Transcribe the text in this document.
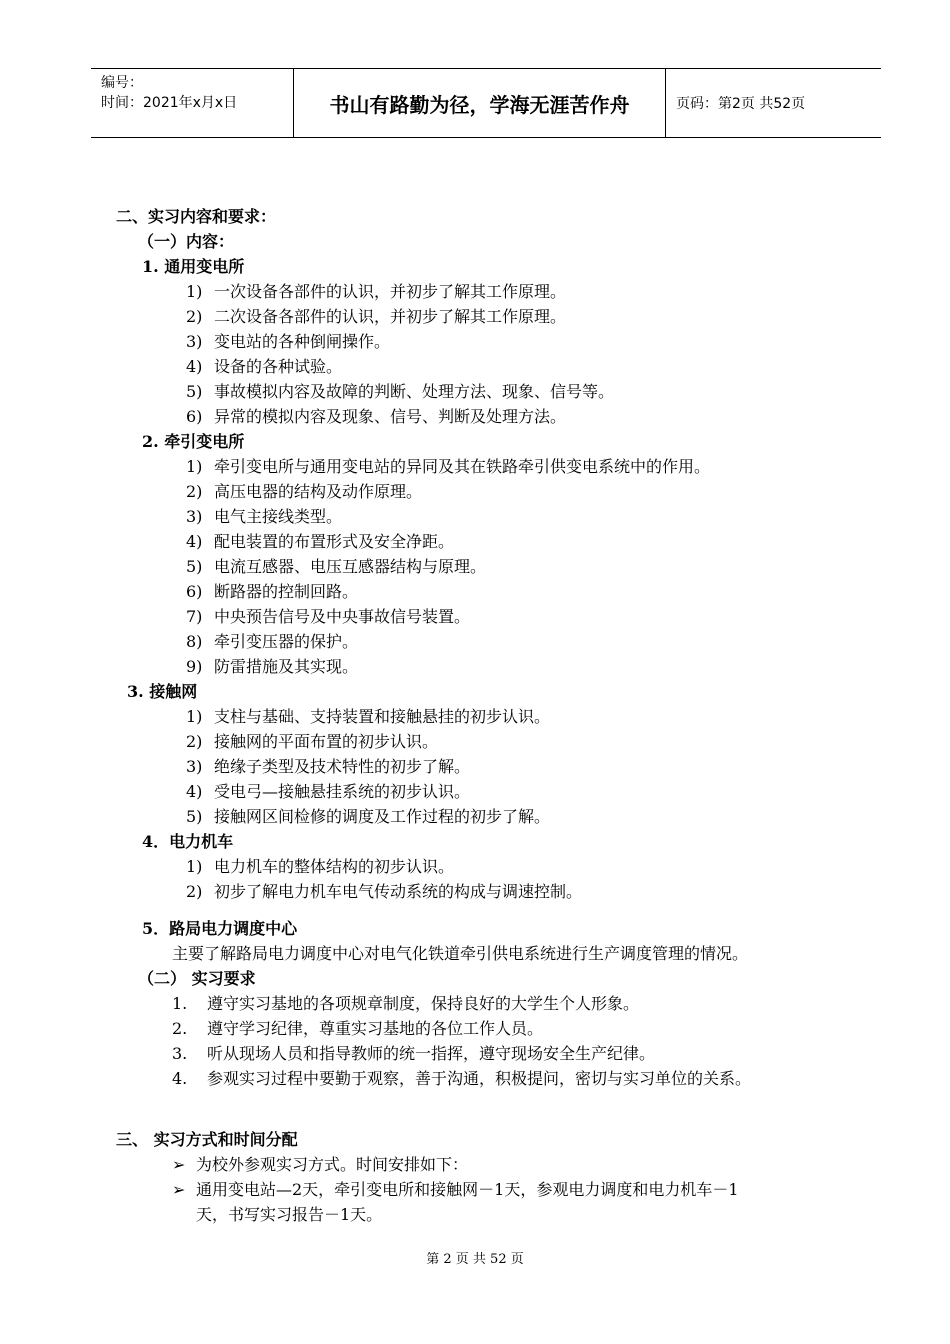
编号：
时间：2021年x月x日	书山有路勤为径，学海无涯苦作舟	页码：第2页 共52页
二、实习内容和要求：
（一）内容：
1. 通用变电所
1) 一次设备各部件的认识，并初步了解其工作原理。
2) 二次设备各部件的认识，并初步了解其工作原理。
3) 变电站的各种倒闸操作。
4) 设备的各种试验。
5) 事故模拟内容及故障的判断、处理方法、现象、信号等。
6) 异常的模拟内容及现象、信号、判断及处理方法。
2. 牵引变电所
1) 牵引变电所与通用变电站的异同及其在铁路牵引供变电系统中的作用。
2) 高压电器的结构及动作原理。
3) 电气主接线类型。
4) 配电装置的布置形式及安全净距。
5) 电流互感器、电压互感器结构与原理。
6) 断路器的控制回路。
7) 中央预告信号及中央事故信号装置。
8) 牵引变压器的保护。
9) 防雷措施及其实现。
3. 接触网
1) 支柱与基础、支持装置和接触悬挂的初步认识。
2) 接触网的平面布置的初步认识。
3) 绝缘子类型及技术特性的初步了解。
4) 受电弓—接触悬挂系统的初步认识。
5) 接触网区间检修的调度及工作过程的初步了解。
4．电力机车
1) 电力机车的整体结构的初步认识。
2) 初步了解电力机车电气传动系统的构成与调速控制。
5．路局电力调度中心
主要了解路局电力调度中心对电气化铁道牵引供电系统进行生产调度管理的情况。
（二） 实习要求
1. 遵守实习基地的各项规章制度，保持良好的大学生个人形象。
2. 遵守学习纪律，尊重实习基地的各位工作人员。
3. 听从现场人员和指导教师的统一指挥，遵守现场安全生产纪律。
4. 参观实习过程中要勤于观察，善于沟通，积极提问，密切与实习单位的关系。
三、 实习方式和时间分配
➢ 为校外参观实习方式。时间安排如下：
➢ 通用变电站—2天，牵引变电所和接触网－1天，参观电力调度和电力机车－1
天，书写实习报告－1天。
第 2 页 共 52 页
